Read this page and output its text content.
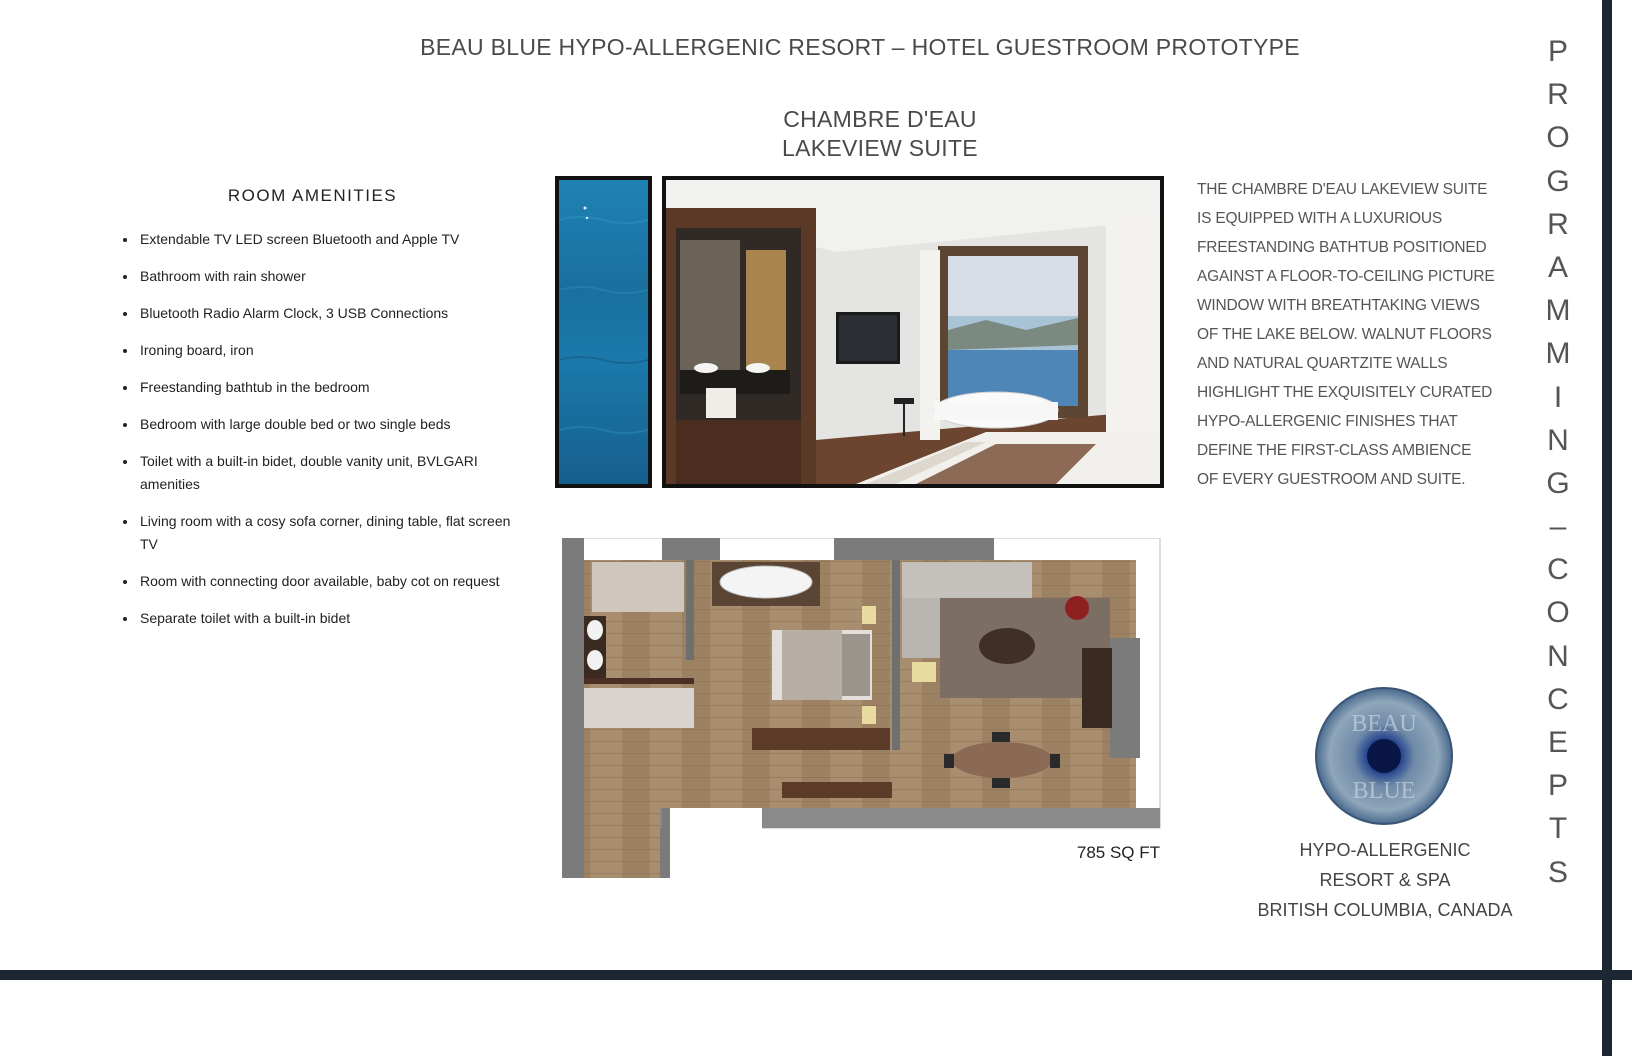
BEAU BLUE HYPO-ALLERGENIC RESORT – HOTEL GUESTROOM PROTOTYPE
CHAMBRE D'EAU
LAKEVIEW SUITE
ROOM AMENITIES
• Extendable TV LED screen Bluetooth and Apple TV
• Bathroom with rain shower
• Bluetooth Radio Alarm Clock, 3 USB Connections
• Ironing board, iron
• Freestanding bathtub in the bedroom
• Bedroom with large double bed or two single beds
• Toilet with a built-in bidet, double vanity unit, BVLGARI amenities
• Living room with a cosy sofa corner, dining table, flat screen TV
• Room with connecting door available, baby cot on request
• Separate toilet with a built-in bidet
THE CHAMBRE D'EAU LAKEVIEW SUITE
IS EQUIPPED WITH A LUXURIOUS
FREESTANDING BATHTUB POSITIONED
AGAINST A FLOOR-TO-CEILING PICTURE
WINDOW WITH BREATHTAKING VIEWS
OF THE LAKE BELOW. WALNUT FLOORS
AND NATURAL QUARTZITE WALLS
HIGHLIGHT THE EXQUISITELY CURATED
HYPO-ALLERGENIC FINISHES THAT
DEFINE THE FIRST-CLASS AMBIENCE
OF EVERY GUESTROOM AND SUITE.
785 SQ FT
BEAU
BLUE
HYPO-ALLERGENIC
RESORT & SPA
BRITISH COLUMBIA, CANADA
P
R
O
G
R
A
M
M
I
N
G
–
C
O
N
C
E
P
T
S
